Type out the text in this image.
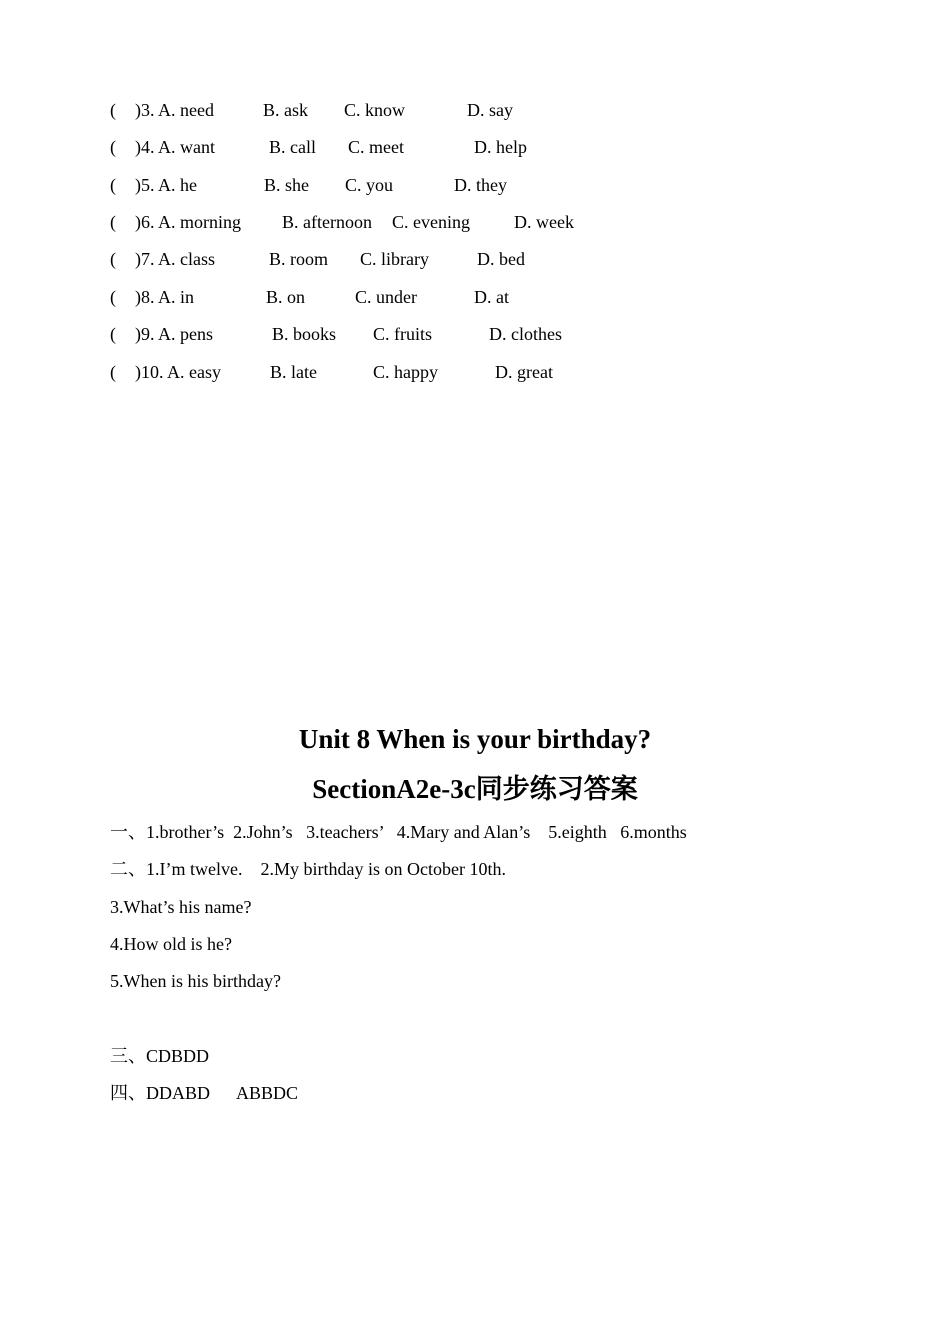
( )3. A. need	B. ask C. know	D. say
( )4. A. want	B. call C. meet	D. help
( )5. A. he	B. she C. you	D. they
( )6. A. morning B. afternoon C. evening D. week
( )7. A. class	B. room C. library	D. bed
( )8. A. in	B. on	C. under	D. at
( )9. A. pens	B. books C. fruits	D. clothes
( )10. A. easy	B. late	C. happy	D. great
Unit 8 When is your birthday?
SectionA2e-3c同步练习答案
一、1.brother’s 2.John’s 3.teachers’ 4.Mary and Alan’s 5.eighth 6.months
二、1.I’m twelve. 2.My birthday is on October 10th.
3.What’s his name?
4.How old is he?
5.When is his birthday?
三、CDBDD
四、DDABD ABBDC
